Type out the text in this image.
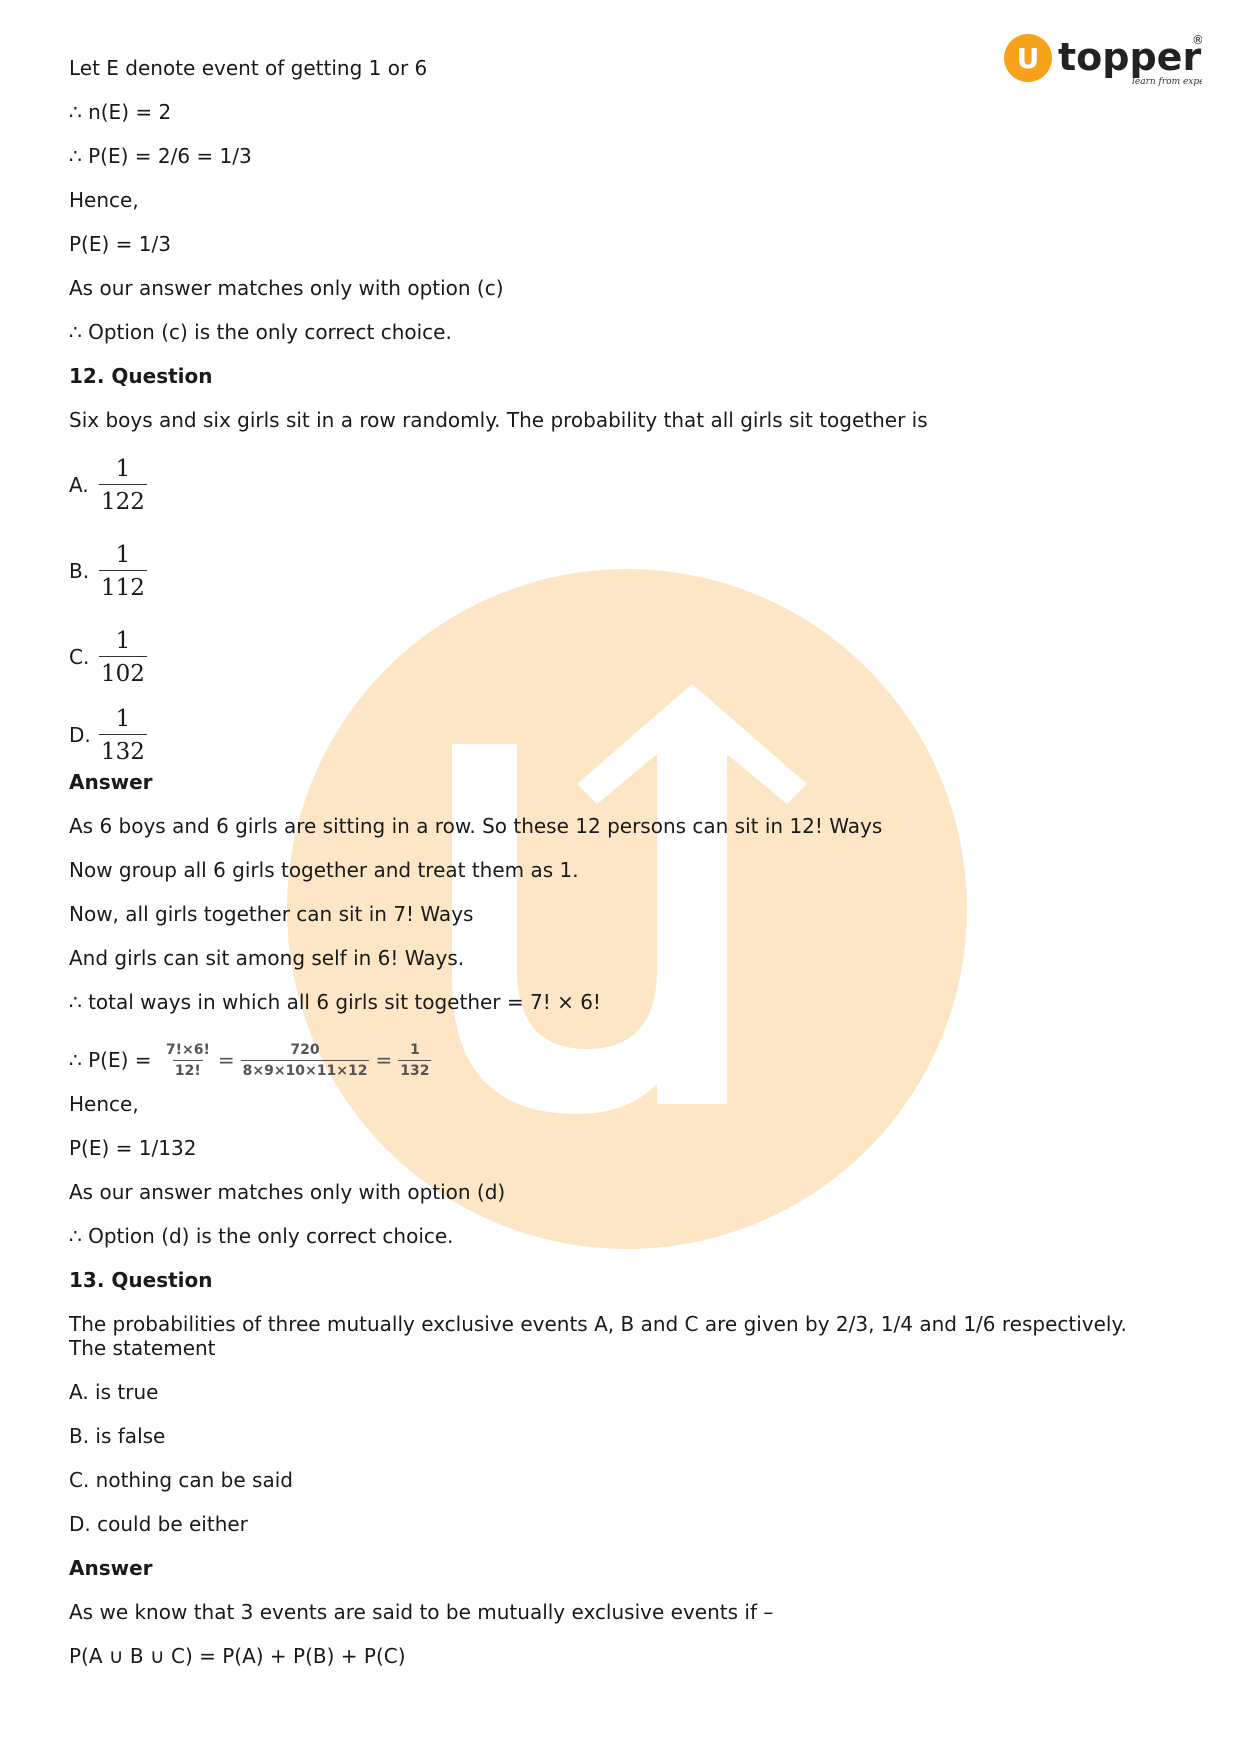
U topper
®
learn from exp
Let E denote event of getting 1 or 6
∴ n(E) = 2
∴ P(E) = 2/6 = 1/3
Hence,
P(E) = 1/3
As our answer matches only with option (c)
∴ Option (c) is the only correct choice.
12. Question
Six boys and six girls sit in a row randomly. The probability that all girls sit together is
A. $\frac{1}{122}$
B. $\frac{1}{112}$
C. $\frac{1}{102}$
D. $\frac{1}{132}$
Answer
As 6 boys and 6 girls are sitting in a row. So these 12 persons can sit in 12! Ways
Now group all 6 girls together and treat them as 1.
Now, all girls together can sit in 7! Ways
And girls can sit among self in 6! Ways.
∴ total ways in which all 6 girls sit together = 7! × 6!
∴ $P(E) = \frac{7!\times 6!}{12!} = \frac{720}{8\times 9\times 10\times 11\times 12} = \frac{1}{132}$
Hence,
P(E) = 1/132
As our answer matches only with option (d)
∴ Option (d) is the only correct choice.
13. Question
The probabilities of three mutually exclusive events A, B and C are given by 2/3, 1/4 and 1/6 respectively. The statement
A. is true
B. is false
C. nothing can be said
D. could be either
Answer
As we know that 3 events are said to be mutually exclusive events if –
P(A ∪ B ∪ C) = P(A) + P(B) + P(C)
